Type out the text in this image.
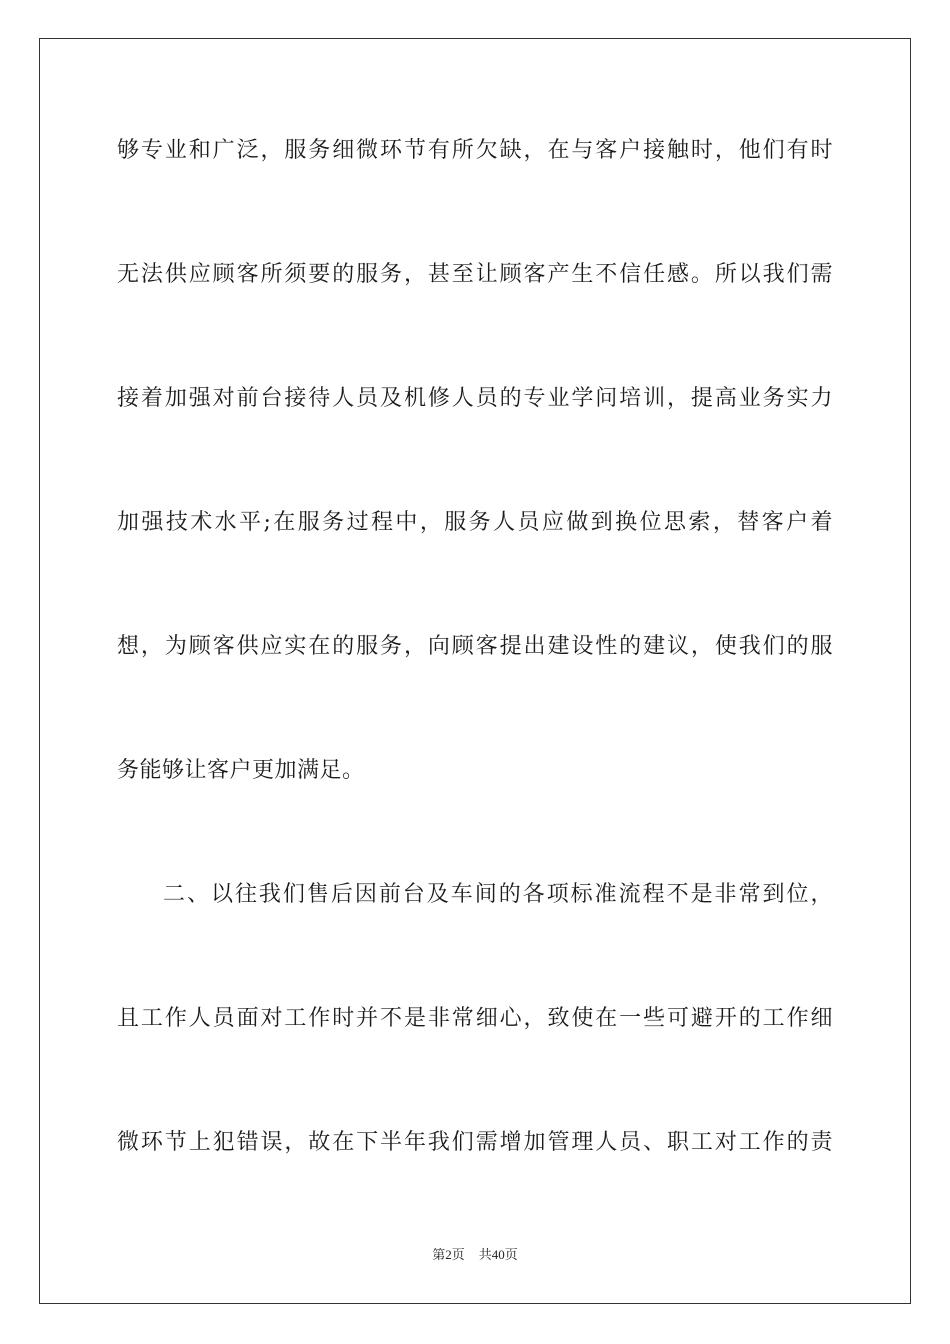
够专业和广泛，服务细微环节有所欠缺，在与客户接触时，他们有时
无法供应顾客所须要的服务，甚至让顾客产生不信任感。所以我们需
接着加强对前台接待人员及机修人员的专业学问培训，提高业务实力
加强技术水平;在服务过程中，服务人员应做到换位思索，替客户着
想，为顾客供应实在的服务，向顾客提出建设性的建议，使我们的服
务能够让客户更加满足。
二、以往我们售后因前台及车间的各项标准流程不是非常到位，
且工作人员面对工作时并不是非常细心，致使在一些可避开的工作细
微环节上犯错误，故在下半年我们需增加管理人员、职工对工作的责
第2页 共40页
